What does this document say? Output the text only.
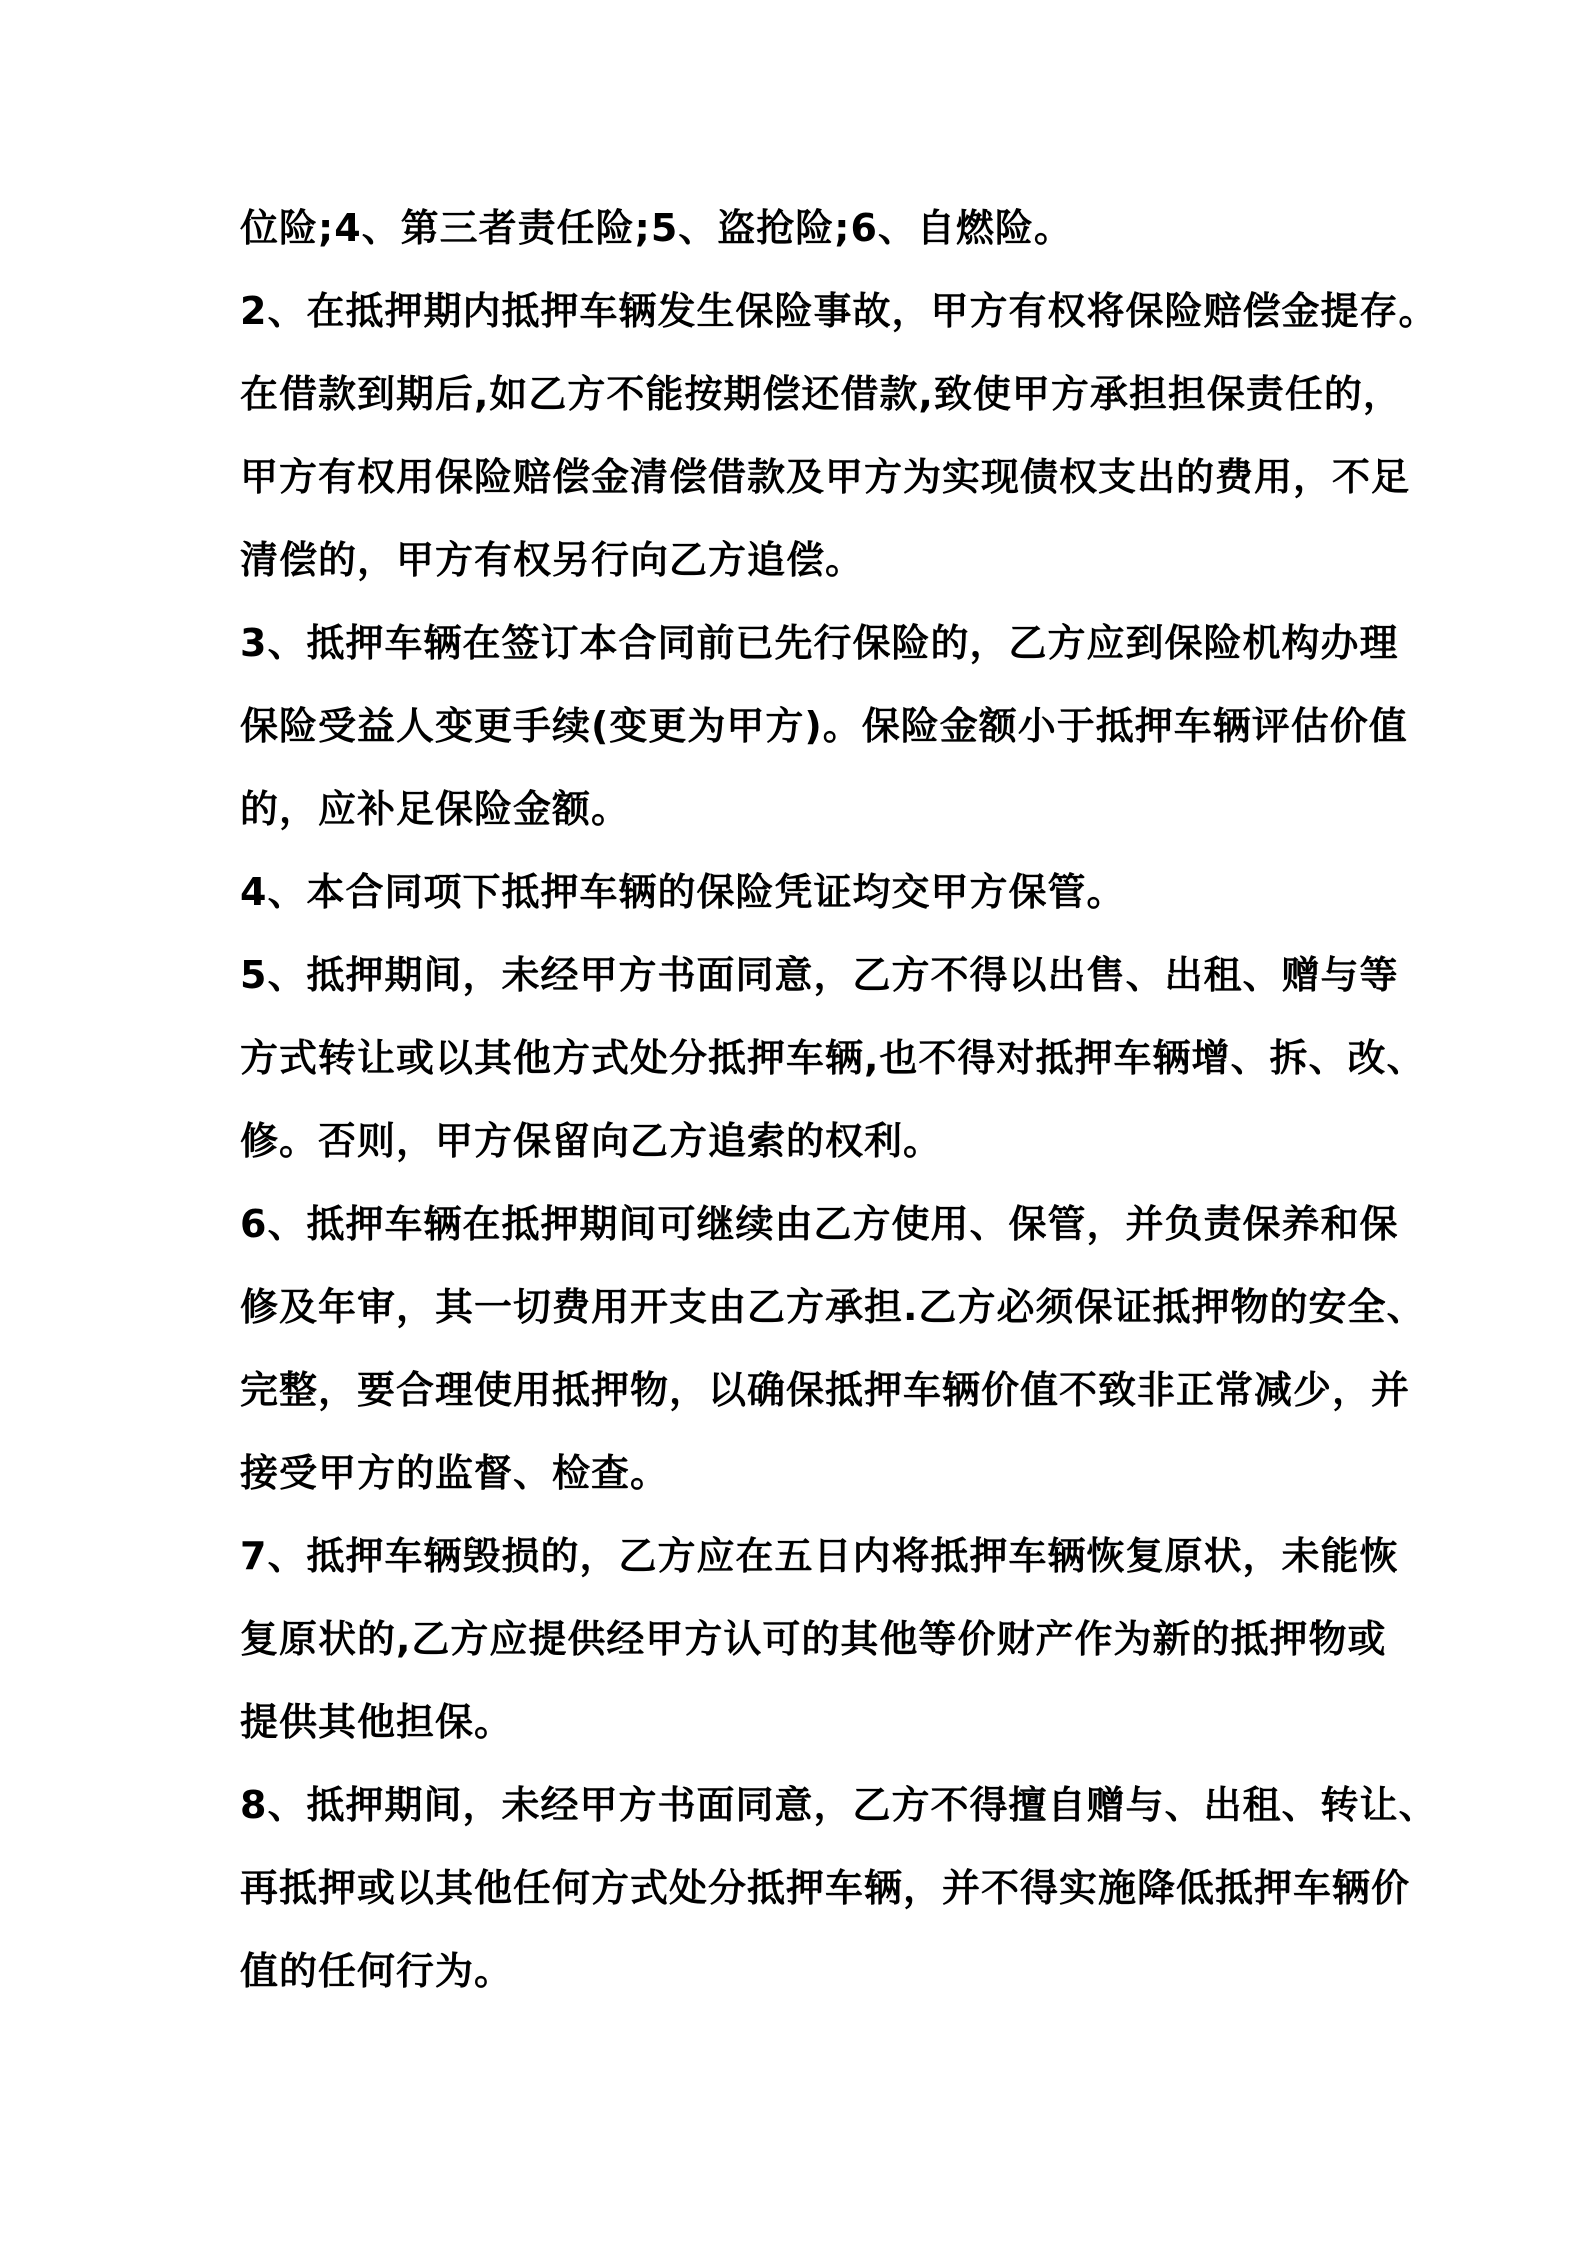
位险;4、第三者责任险;5、盗抢险;6、自燃险。
2、在抵押期内抵押车辆发生保险事故，甲方有权将保险赔偿金提存。
在借款到期后,如乙方不能按期偿还借款,致使甲方承担担保责任的，
甲方有权用保险赔偿金清偿借款及甲方为实现债权支出的费用，不足
清偿的，甲方有权另行向乙方追偿。
3、抵押车辆在签订本合同前已先行保险的，乙方应到保险机构办理
保险受益人变更手续(变更为甲方)。保险金额小于抵押车辆评估价值
的，应补足保险金额。
4、本合同项下抵押车辆的保险凭证均交甲方保管。
5、抵押期间，未经甲方书面同意，乙方不得以出售、出租、赠与等
方式转让或以其他方式处分抵押车辆,也不得对抵押车辆增、拆、改、
修。否则，甲方保留向乙方追索的权利。
6、抵押车辆在抵押期间可继续由乙方使用、保管，并负责保养和保
修及年审，其一切费用开支由乙方承担.乙方必须保证抵押物的安全、
完整，要合理使用抵押物，以确保抵押车辆价值不致非正常减少，并
接受甲方的监督、检查。
7、抵押车辆毁损的，乙方应在五日内将抵押车辆恢复原状，未能恢
复原状的,乙方应提供经甲方认可的其他等价财产作为新的抵押物或
提供其他担保。
8、抵押期间，未经甲方书面同意，乙方不得擅自赠与、出租、转让、
再抵押或以其他任何方式处分抵押车辆，并不得实施降低抵押车辆价
值的任何行为。
